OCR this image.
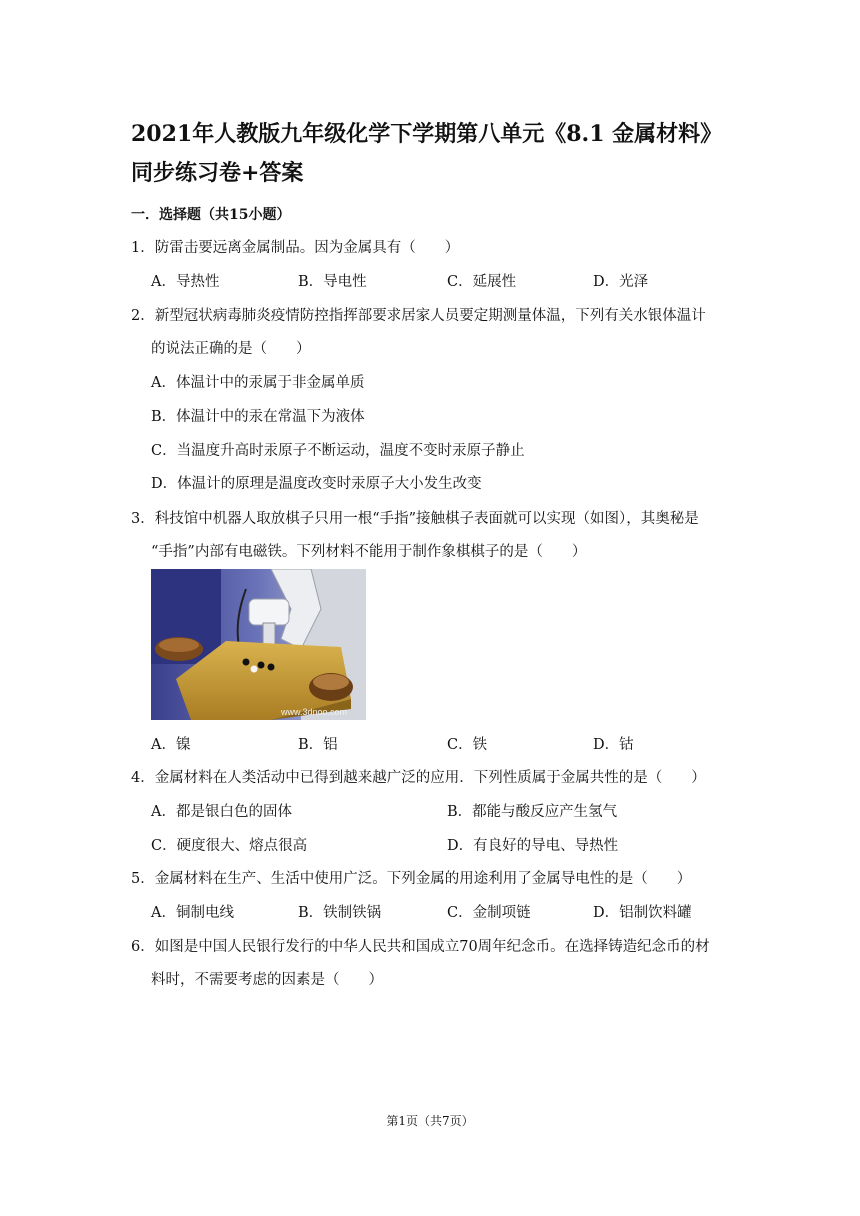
2021年人教版九年级化学下学期第八单元《8.1 金属材料》
同步练习卷+答案
一．选择题（共15小题）
1．防雷击要远离金属制品。因为金属具有（　　）
A．导热性	B．导电性	C．延展性	D．光泽
2．新型冠状病毒肺炎疫情防控指挥部要求居家人员要定期测量体温，下列有关水银体温计
的说法正确的是（　　）
A．体温计中的汞属于非金属单质
B．体温计中的汞在常温下为液体
C．当温度升高时汞原子不断运动，温度不变时汞原子静止
D．体温计的原理是温度改变时汞原子大小发生改变
3．科技馆中机器人取放棋子只用一根“手指”接触棋子表面就可以实现（如图），其奥秘是
“手指”内部有电磁铁。下列材料不能用于制作象棋棋子的是（　　）
www.3dnoo.com
A．镍	B．铝	C．铁	D．钴
4．金属材料在人类活动中已得到越来越广泛的应用．下列性质属于金属共性的是（　　）
A．都是银白色的固体	B．都能与酸反应产生氢气
C．硬度很大、熔点很高	D．有良好的导电、导热性
5．金属材料在生产、生活中使用广泛。下列金属的用途利用了金属导电性的是（　　）
A．铜制电线	B．铁制铁锅	C．金制项链	D．铝制饮料罐
6．如图是中国人民银行发行的中华人民共和国成立70周年纪念币。在选择铸造纪念币的材
料时，不需要考虑的因素是（　　）
第1页（共7页）
